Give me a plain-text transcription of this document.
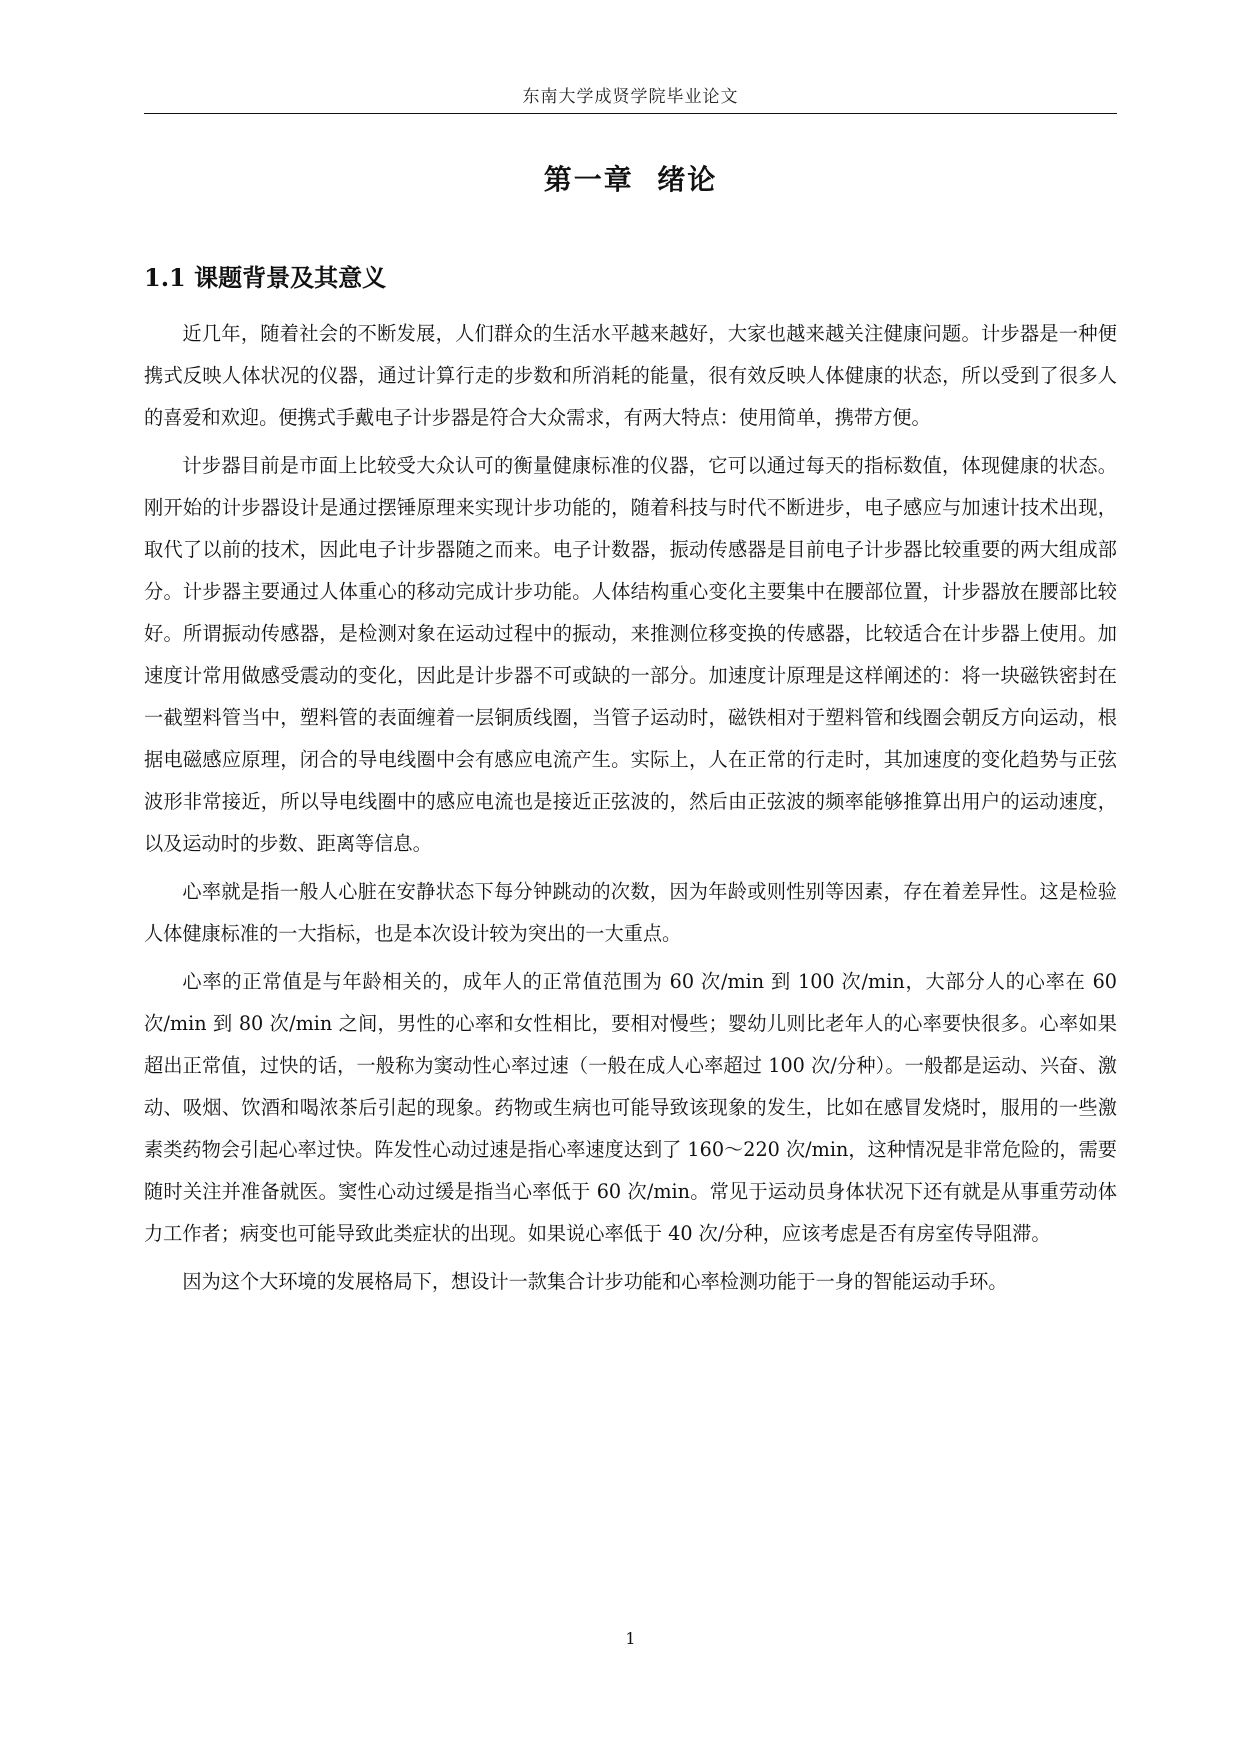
东南大学成贤学院毕业论文
第一章  绪论
1.1 课题背景及其意义

近几年，随着社会的不断发展，人们群众的生活水平越来越好，大家也越来越关注健康问题。计步器是一种便携式反映人体状况的仪器，通过计算行走的步数和所消耗的能量，很有效反映人体健康的状态，所以受到了很多人的喜爱和欢迎。便携式手戴电子计步器是符合大众需求，有两大特点：使用简单，携带方便。

计步器目前是市面上比较受大众认可的衡量健康标准的仪器，它可以通过每天的指标数值，体现健康的状态。刚开始的计步器设计是通过摆锤原理来实现计步功能的，随着科技与时代不断进步，电子感应与加速计技术出现，取代了以前的技术，因此电子计步器随之而来。电子计数器，振动传感器是目前电子计步器比较重要的两大组成部分。计步器主要通过人体重心的移动完成计步功能。人体结构重心变化主要集中在腰部位置，计步器放在腰部比较好。所谓振动传感器，是检测对象在运动过程中的振动，来推测位移变换的传感器，比较适合在计步器上使用。加速度计常用做感受震动的变化，因此是计步器不可或缺的一部分。加速度计原理是这样阐述的：将一块磁铁密封在一截塑料管当中，塑料管的表面缠着一层铜质线圈，当管子运动时，磁铁相对于塑料管和线圈会朝反方向运动，根据电磁感应原理，闭合的导电线圈中会有感应电流产生。实际上，人在正常的行走时，其加速度的变化趋势与正弦波形非常接近，所以导电线圈中的感应电流也是接近正弦波的，然后由正弦波的频率能够推算出用户的运动速度，以及运动时的步数、距离等信息。

心率就是指一般人心脏在安静状态下每分钟跳动的次数，因为年龄或则性别等因素，存在着差异性。这是检验人体健康标准的一大指标，也是本次设计较为突出的一大重点。

心率的正常值是与年龄相关的，成年人的正常值范围为 60 次/min 到 100 次/min，大部分人的心率在 60 次/min 到 80 次/min 之间，男性的心率和女性相比，要相对慢些；婴幼儿则比老年人的心率要快很多。心率如果超出正常值，过快的话，一般称为窦动性心率过速（一般在成人心率超过 100 次/分种）。一般都是运动、兴奋、激动、吸烟、饮酒和喝浓茶后引起的现象。药物或生病也可能导致该现象的发生，比如在感冒发烧时，服用的一些激素类药物会引起心率过快。阵发性心动过速是指心率速度达到了 160～220 次/min，这种情况是非常危险的，需要随时关注并准备就医。窦性心动过缓是指当心率低于 60 次/min。常见于运动员身体状况下还有就是从事重劳动体力工作者；病变也可能导致此类症状的出现。如果说心率低于 40 次/分种，应该考虑是否有房室传导阻滞。

因为这个大环境的发展格局下，想设计一款集合计步功能和心率检测功能于一身的智能运动手环。

1
